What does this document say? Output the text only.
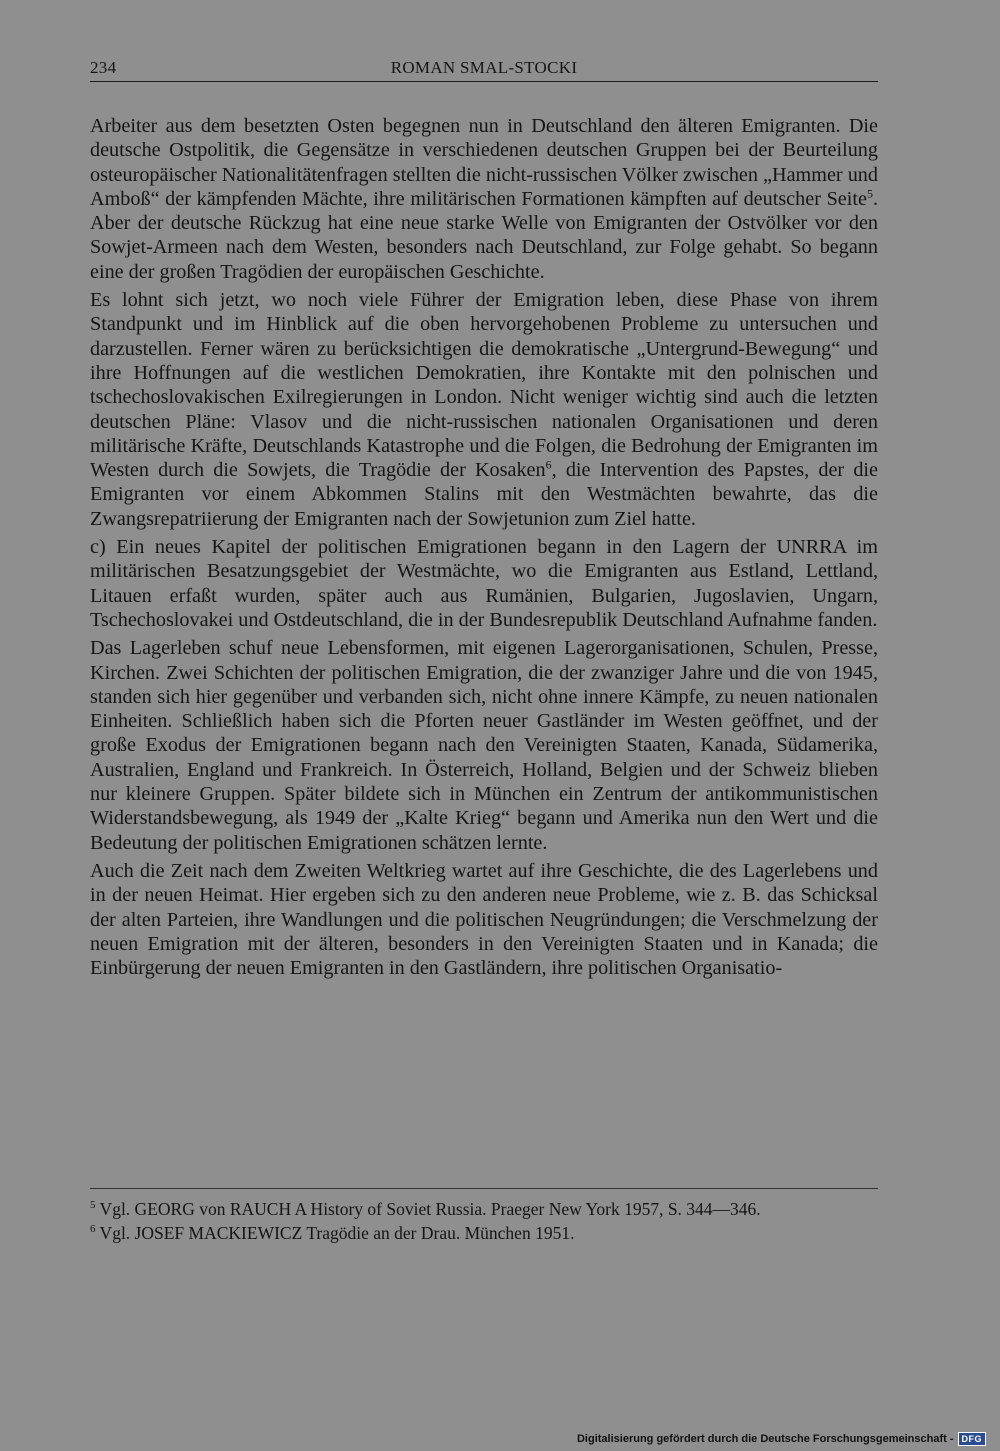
234	ROMAN SMAL-STOCKI

Arbeiter aus dem besetzten Osten begegnen nun in Deutschland den älteren Emigranten. Die deutsche Ostpolitik, die Gegensätze in verschiedenen deutschen Gruppen bei der Beurteilung osteuropäischer Nationalitätenfragen stellten die nicht-russischen Völker zwischen „Hammer und Amboß“ der kämpfenden Mächte, ihre militärischen Formationen kämpften auf deutscher Seite$^5$. Aber der deutsche Rückzug hat eine neue starke Welle von Emigranten der Ostvölker vor den Sowjet-Armeen nach dem Westen, besonders nach Deutschland, zur Folge gehabt. So begann eine der großen Tragödien der europäischen Geschichte.

Es lohnt sich jetzt, wo noch viele Führer der Emigration leben, diese Phase von ihrem Standpunkt und im Hinblick auf die oben hervorgehobenen Probleme zu untersuchen und darzustellen. Ferner wären zu berücksichtigen die demokratische „Untergrund-Bewegung“ und ihre Hoffnungen auf die westlichen Demokratien, ihre Kontakte mit den polnischen und tschechoslovakischen Exilregierungen in London. Nicht weniger wichtig sind auch die letzten deutschen Pläne: Vlasov und die nicht-russischen nationalen Organisationen und deren militärische Kräfte, Deutschlands Katastrophe und die Folgen, die Bedrohung der Emigranten im Westen durch die Sowjets, die Tragödie der Kosaken$^6$, die Intervention des Papstes, der die Emigranten vor einem Abkommen Stalins mit den Westmächten bewahrte, das die Zwangsrepatriierung der Emigranten nach der Sowjetunion zum Ziel hatte.

c) Ein neues Kapitel der politischen Emigrationen begann in den Lagern der UNRRA im militärischen Besatzungsgebiet der Westmächte, wo die Emigranten aus Estland, Lettland, Litauen erfaßt wurden, später auch aus Rumänien, Bulgarien, Jugoslavien, Ungarn, Tschechoslovakei und Ostdeutschland, die in der Bundesrepublik Deutschland Aufnahme fanden.

Das Lagerleben schuf neue Lebensformen, mit eigenen Lagerorganisationen, Schulen, Presse, Kirchen. Zwei Schichten der politischen Emigration, die der zwanziger Jahre und die von 1945, standen sich hier gegenüber und verbanden sich, nicht ohne innere Kämpfe, zu neuen nationalen Einheiten. Schließlich haben sich die Pforten neuer Gastländer im Westen geöffnet, und der große Exodus der Emigrationen begann nach den Vereinigten Staaten, Kanada, Südamerika, Australien, England und Frankreich. In Österreich, Holland, Belgien und der Schweiz blieben nur kleinere Gruppen. Später bildete sich in München ein Zentrum der antikommunistischen Widerstandsbewegung, als 1949 der „Kalte Krieg“ begann und Amerika nun den Wert und die Bedeutung der politischen Emigrationen schätzen lernte.

Auch die Zeit nach dem Zweiten Weltkrieg wartet auf ihre Geschichte, die des Lagerlebens und in der neuen Heimat. Hier ergeben sich zu den anderen neue Probleme, wie z. B. das Schicksal der alten Parteien, ihre Wandlungen und die politischen Neugründungen; die Verschmelzung der neuen Emigration mit der älteren, besonders in den Vereinigten Staaten und in Kanada; die Einbürgerung der neuen Emigranten in den Gastländern, ihre politischen Organisatio-

$^5$ Vgl. GEORG von RAUCH A History of Soviet Russia. Praeger New York 1957, S. 344—346.

$^6$ Vgl. JOSEF MACKIEWICZ Tragödie an der Drau. München 1951.

Digitalisierung gefördert durch die Deutsche Forschungsgemeinschaft - DFG
